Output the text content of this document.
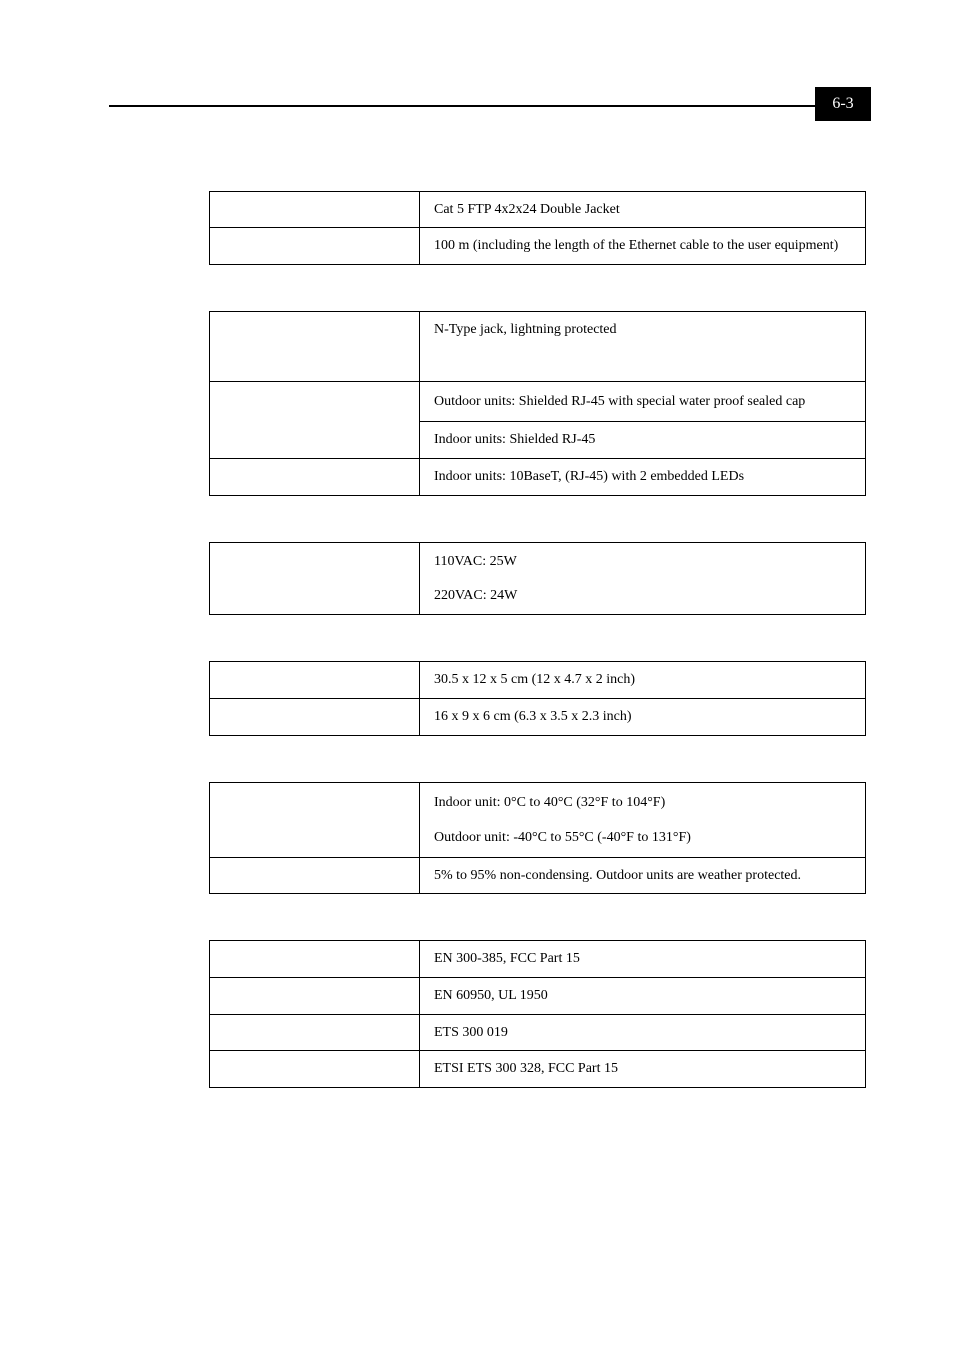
6-3
	Cat 5 FTP 4x2x24 Double Jacket
	100 m (including the length of the Ethernet cable to the user equipment)
	N-Type jack, lightning protected
	Outdoor units: Shielded RJ-45 with special water proof sealed cap
	Indoor units: Shielded RJ-45
	Indoor units: 10BaseT, (RJ-45) with 2 embedded LEDs

110VAC: 25W
220VAC: 24W
	30.5 x 12 x 5 cm (12 x 4.7 x 2 inch)
	16 x 9 x 6 cm (6.3 x 3.5 x 2.3 inch)

	Indoor unit: 0°C to 40°C (32°F to 104°F)
Outdoor unit: -40°C to 55°C (-40°F to 131°F)

	5% to 95% non-condensing. Outdoor units are weather protected.
	EN 300-385, FCC Part 15
	EN 60950, UL 1950
	ETS 300 019
	ETSI ETS 300 328, FCC Part 15
